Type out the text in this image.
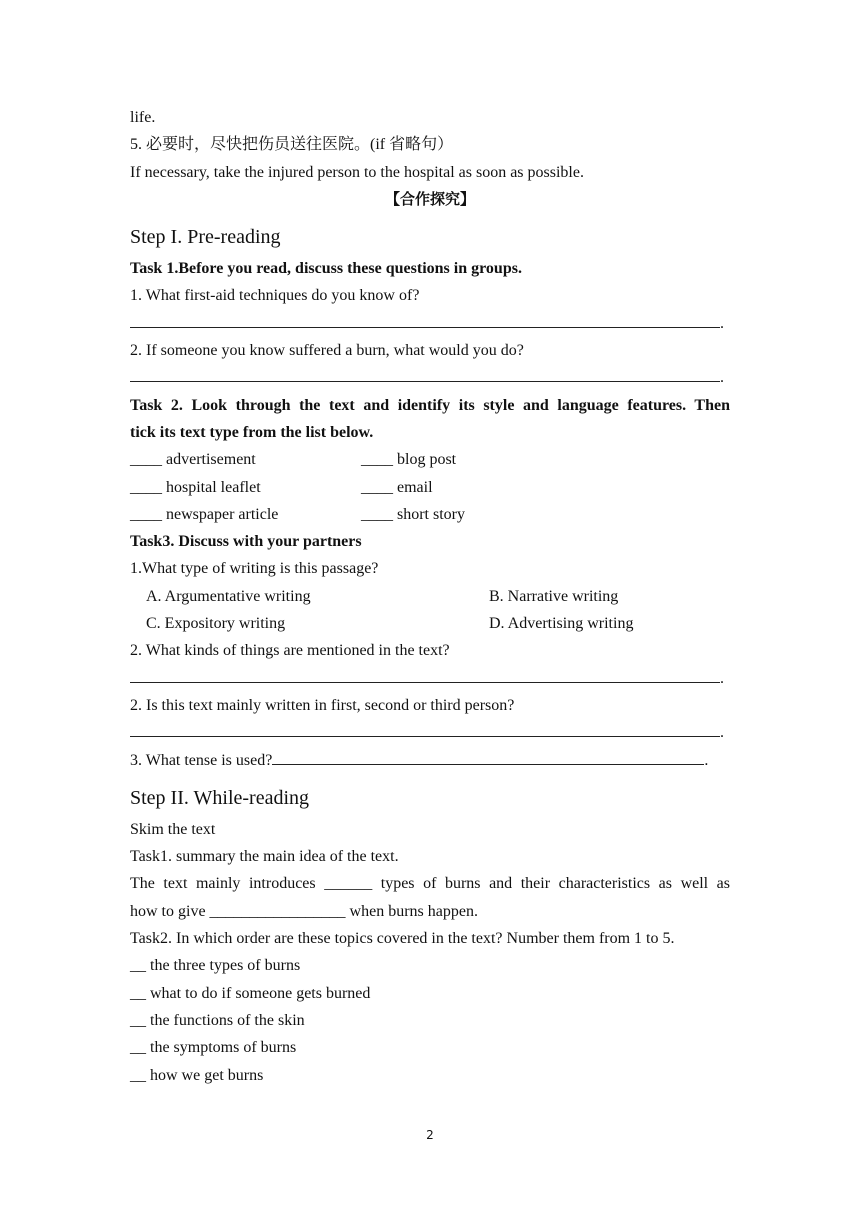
life.
5. 必要时，尽快把伤员送往医院。(if 省略句）
If necessary, take the injured person to the hospital as soon as possible.
【合作探究】
Step I. Pre-reading
Task 1.Before you read, discuss these questions in groups.
1. What first-aid techniques do you know of?
.
2. If someone you know suffered a burn, what would you do?
.
Task 2. Look through the text and identify its style and language features. Then
tick its text type from the list below.
____ advertisement	____ blog post
____ hospital leaflet	____ email
____ newspaper article	____ short story
Task3. Discuss with your partners
1.What type of writing is this passage?
A. Argumentative writing	B. Narrative writing
C. Expository writing	D. Advertising writing
2. What kinds of things are mentioned in the text?
.
2. Is this text mainly written in first, second or third person?
.
3. What tense is used?	.
Step II. While-reading
Skim the text
Task1. summary the main idea of the text.
The text mainly introduces ______ types of burns and their characteristics as well as
how to give _________________ when burns happen.
Task2. In which order are these topics covered in the text? Number them from 1 to 5.
__ the three types of burns
__ what to do if someone gets burned
__ the functions of the skin
__ the symptoms of burns
__ how we get burns
2
